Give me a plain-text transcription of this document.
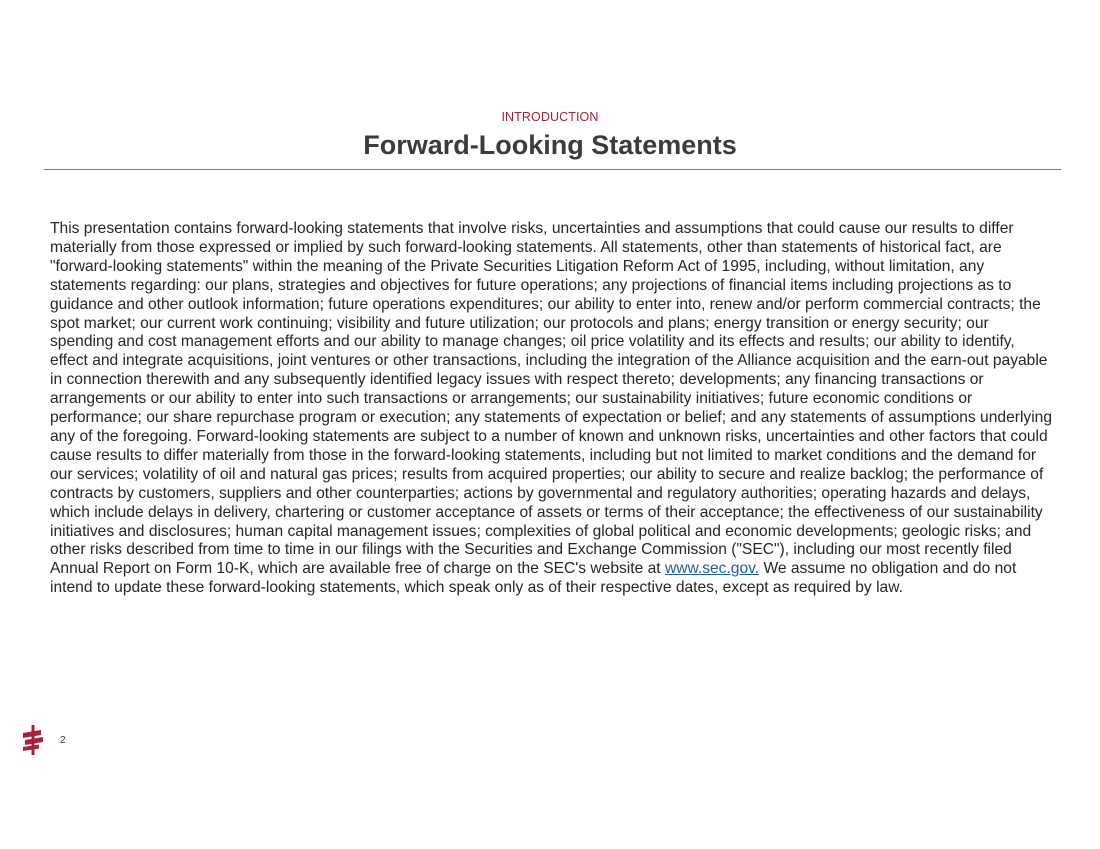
INTRODUCTION
Forward-Looking Statements

This presentation contains forward-looking statements that involve risks, uncertainties and assumptions that could cause our results to differ materially from those expressed or implied by such forward-looking statements. All statements, other than statements of historical fact, are "forward-looking statements" within the meaning of the Private Securities Litigation Reform Act of 1995, including, without limitation, any statements regarding: our plans, strategies and objectives for future operations; any projections of financial items including projections as to guidance and other outlook information; future operations expenditures; our ability to enter into, renew and/or perform commercial contracts; the spot market; our current work continuing; visibility and future utilization; our protocols and plans; energy transition or energy security; our spending and cost management efforts and our ability to manage changes; oil price volatility and its effects and results; our ability to identify, effect and integrate acquisitions, joint ventures or other transactions, including the integration of the Alliance acquisition and the earn-out payable in connection therewith and any subsequently identified legacy issues with respect thereto; developments; any financing transactions or arrangements or our ability to enter into such transactions or arrangements; our sustainability initiatives; future economic conditions or performance; our share repurchase program or execution; any statements of expectation or belief; and any statements of assumptions underlying any of the foregoing. Forward-looking statements are subject to a number of known and unknown risks, uncertainties and other factors that could cause results to differ materially from those in the forward-looking statements, including but not limited to market conditions and the demand for our services; volatility of oil and natural gas prices; results from acquired properties; our ability to secure and realize backlog; the performance of contracts by customers, suppliers and other counterparties; actions by governmental and regulatory authorities; operating hazards and delays, which include delays in delivery, chartering or customer acceptance of assets or terms of their acceptance; the effectiveness of our sustainability initiatives and disclosures; human capital management issues; complexities of global political and economic developments; geologic risks; and other risks described from time to time in our filings with the Securities and Exchange Commission ("SEC"), including our most recently filed Annual Report on Form 10-K, which are available free of charge on the SEC's website at www.sec.gov. We assume no obligation and do not intend to update these forward-looking statements, which speak only as of their respective dates, except as required by law.

2
